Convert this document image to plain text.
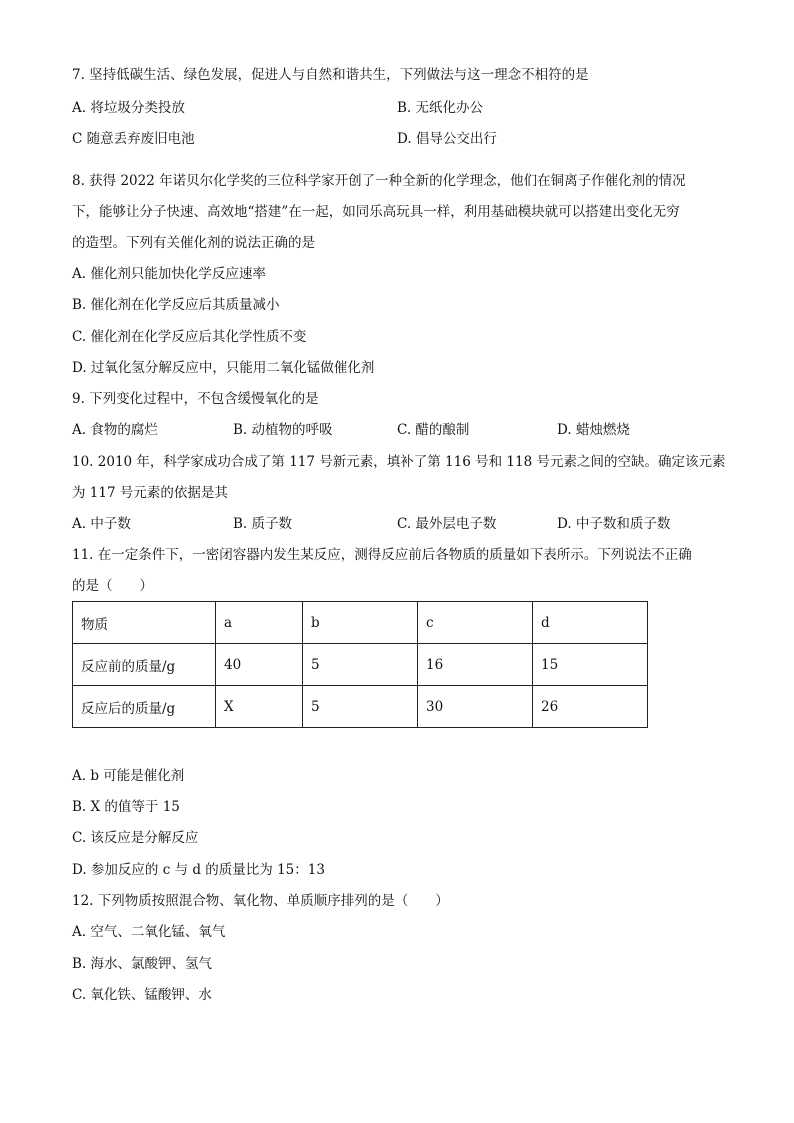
7. 坚持低碳生活、绿色发展，促进人与自然和谐共生，下列做法与这一理念不相符的是
A. 将垃圾分类投放	B. 无纸化办公
C 随意丢弃废旧电池	D. 倡导公交出行
8. 获得 2022 年诺贝尔化学奖的三位科学家开创了一种全新的化学理念，他们在铜离子作催化剂的情况
下，能够让分子快速、高效地“搭建”在一起，如同乐高玩具一样，利用基础模块就可以搭建出变化无穷
的造型。下列有关催化剂的说法正确的是
A. 催化剂只能加快化学反应速率
B. 催化剂在化学反应后其质量减小
C. 催化剂在化学反应后其化学性质不变
D. 过氧化氢分解反应中，只能用二氧化锰做催化剂
9. 下列变化过程中，不包含缓慢氧化的是
A. 食物的腐烂	B. 动植物的呼吸	C. 醋的酿制	D. 蜡烛燃烧
10. 2010 年，科学家成功合成了第 117 号新元素，填补了第 116 号和 118 号元素之间的空缺。确定该元素
为 117 号元素的依据是其
A. 中子数	B. 质子数	C. 最外层电子数	D. 中子数和质子数
11. 在一定条件下，一密闭容器内发生某反应，测得反应前后各物质的质量如下表所示。下列说法不正确
的是（　　）
物质	a	b	c	d
反应前的质量/g	40	5	16	15
反应后的质量/g	X	5	30	26
A. b 可能是催化剂
B. X 的值等于 15
C. 该反应是分解反应
D. 参加反应的 c 与 d 的质量比为 15：13
12. 下列物质按照混合物、氧化物、单质顺序排列的是（　　）
A. 空气、二氧化锰、氧气
B. 海水、氯酸钾、氢气
C. 氧化铁、锰酸钾、水
